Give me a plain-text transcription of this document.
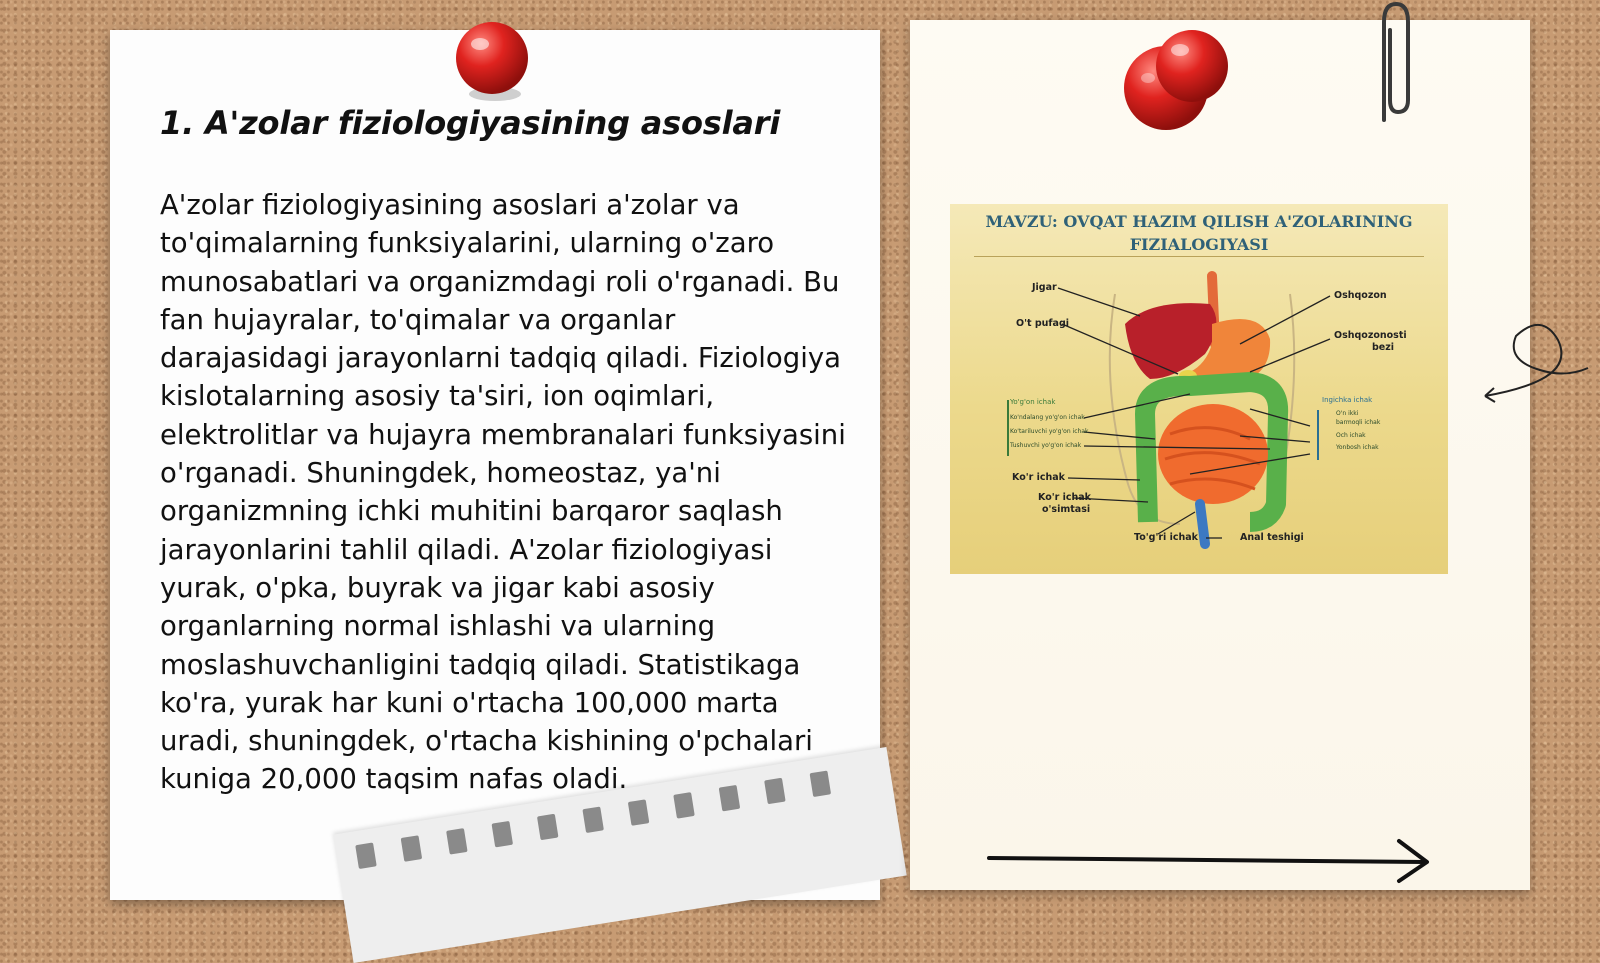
1. A'zolar fiziologiyasining asoslari

A'zolar fiziologiyasining asoslari a'zolar va to'qimalarning funksiyalarini, ularning o'zaro munosabatlari va organizmdagi roli o'rganadi. Bu fan hujayralar, to'qimalar va organlar darajasidagi jarayonlarni tadqiq qiladi. Fiziologiya kislotalarning asosiy ta'siri, ion oqimlari, elektrolitlar va hujayra membranalari funksiyasini o'rganadi. Shuningdek, homeostaz, ya'ni organizmning ichki muhitini barqaror saqlash jarayonlarini tahlil qiladi. A'zolar fiziologiyasi yurak, o'pka, buyrak va jigar kabi asosiy organlarning normal ishlashi va ularning moslashuvchanligini tadqiq qiladi. Statistikaga ko'ra, yurak har kuni o'rtacha 100,000 marta uradi, shuningdek, o'rtacha kishining o'pchalari kuniga 20,000 taqsim nafas oladi.

MAVZU: OVQAT HAZIM QILISH A'ZOLARINING
FIZIALOGIYASI
Jigar
O't pufagi
Oshqozon
Oshqozonosti
bezi
Yo'g'on ichak
Ko'ndalang yo'g'on ichak
Ko'tariluvchi yo'g'on ichak
Tushuvchi yo'g'on ichak
Ingichka ichak
O'n ikki
barmoqli ichak
Och ichak
Yonbosh ichak
Ko'r ichak
Ko'r ichak
o'simtasi
To'g'ri ichak	Anal teshigi
